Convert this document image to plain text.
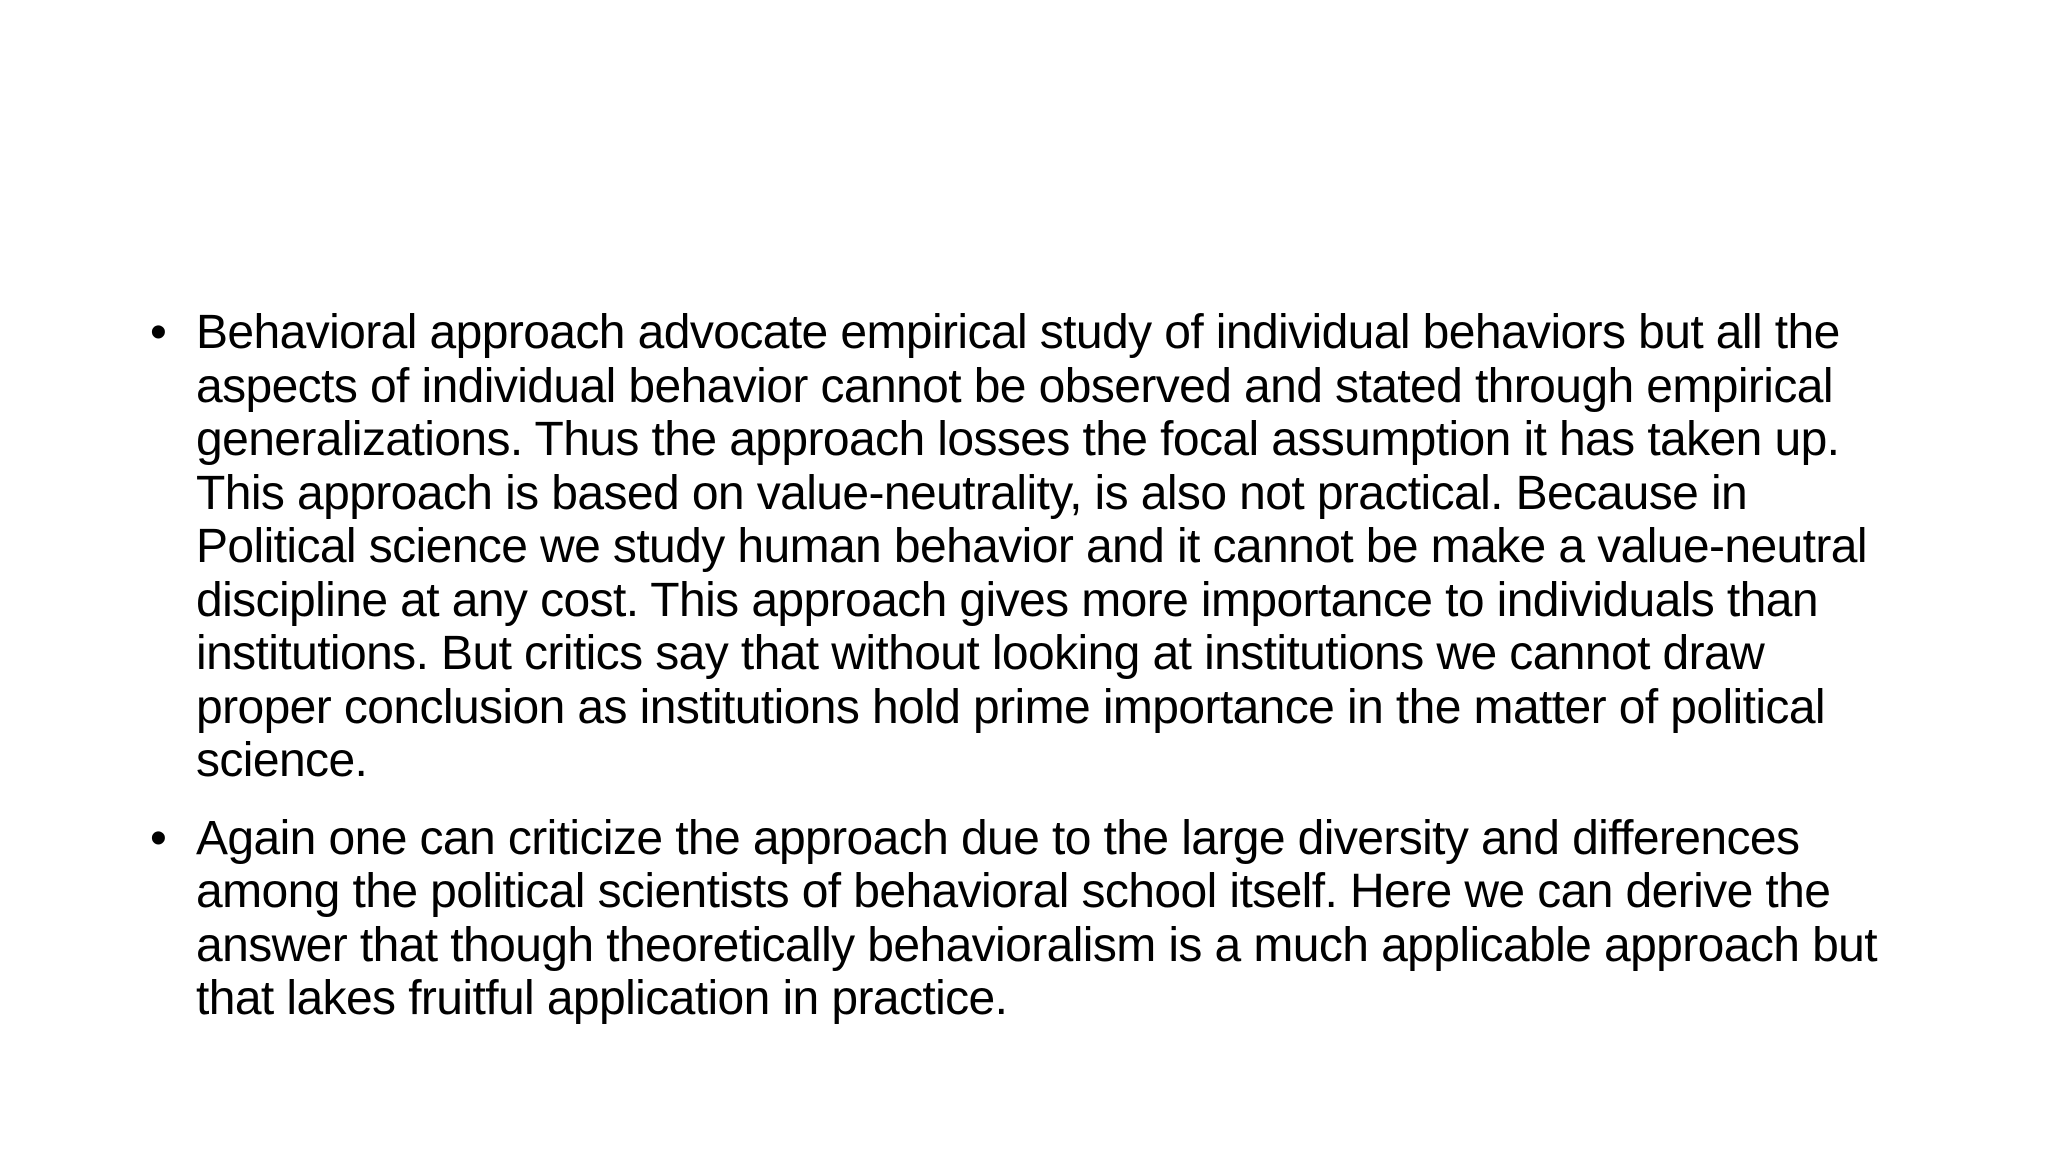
• Behavioral approach advocate empirical study of individual behaviors but all the aspects of individual behavior cannot be observed and stated through empirical generalizations. Thus the approach losses the focal assumption it has taken up. This approach is based on value-neutrality, is also not practical. Because in Political science we study human behavior and it cannot be make a value-neutral discipline at any cost. This approach gives more importance to individuals than institutions. But critics say that without looking at institutions we cannot draw proper conclusion as institutions hold prime importance in the matter of political science.
• Again one can criticize the approach due to the large diversity and differences among the political scientists of behavioral school itself. Here we can derive the answer that though theoretically behavioralism is a much applicable approach but that lakes fruitful application in practice.
